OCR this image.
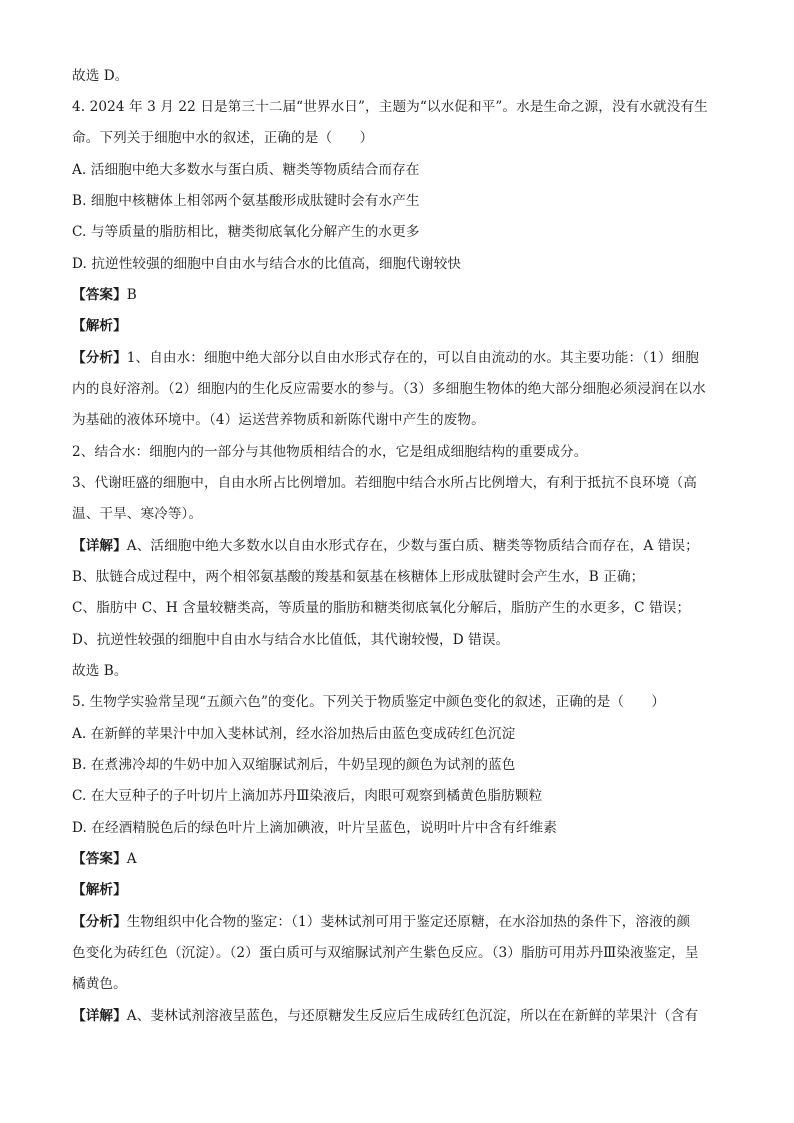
故选 D。
4. 2024 年 3 月 22 日是第三十二届“世界水日”，主题为“以水促和平”。水是生命之源，没有水就没有生
命。下列关于细胞中水的叙述，正确的是（　　）
A. 活细胞中绝大多数水与蛋白质、糖类等物质结合而存在
B. 细胞中核糖体上相邻两个氨基酸形成肽键时会有水产生
C. 与等质量的脂肪相比，糖类彻底氧化分解产生的水更多
D. 抗逆性较强的细胞中自由水与结合水的比值高，细胞代谢较快
【答案】B
【解析】
【分析】1、自由水：细胞中绝大部分以自由水形式存在的，可以自由流动的水。其主要功能：（1）细胞
内的良好溶剂。（2）细胞内的生化反应需要水的参与。（3）多细胞生物体的绝大部分细胞必须浸润在以水
为基础的液体环境中。（4）运送营养物质和新陈代谢中产生的废物。
2、结合水：细胞内的一部分与其他物质相结合的水，它是组成细胞结构的重要成分。
3、代谢旺盛的细胞中，自由水所占比例增加。若细胞中结合水所占比例增大，有利于抵抗不良环境（高
温、干旱、寒冷等）。
【详解】A、活细胞中绝大多数水以自由水形式存在，少数与蛋白质、糖类等物质结合而存在，A 错误；
B、肽链合成过程中，两个相邻氨基酸的羧基和氨基在核糖体上形成肽键时会产生水，B 正确；
C、脂肪中 C、H 含量较糖类高，等质量的脂肪和糖类彻底氧化分解后，脂肪产生的水更多，C 错误；
D、抗逆性较强的细胞中自由水与结合水比值低，其代谢较慢，D 错误。
故选 B。
5. 生物学实验常呈现“五颜六色”的变化。下列关于物质鉴定中颜色变化的叙述，正确的是（　　）
A. 在新鲜的苹果汁中加入斐林试剂，经水浴加热后由蓝色变成砖红色沉淀
B. 在煮沸冷却的牛奶中加入双缩脲试剂后，牛奶呈现的颜色为试剂的蓝色
C. 在大豆种子的子叶切片上滴加苏丹Ⅲ染液后，肉眼可观察到橘黄色脂肪颗粒
D. 在经酒精脱色后的绿色叶片上滴加碘液，叶片呈蓝色，说明叶片中含有纤维素
【答案】A
【解析】
【分析】生物组织中化合物的鉴定：（1）斐林试剂可用于鉴定还原糖，在水浴加热的条件下，溶液的颜
色变化为砖红色（沉淀）。（2）蛋白质可与双缩脲试剂产生紫色反应。（3）脂肪可用苏丹Ⅲ染液鉴定，呈
橘黄色。
【详解】A、斐林试剂溶液呈蓝色，与还原糖发生反应后生成砖红色沉淀，所以在在新鲜的苹果汁（含有
